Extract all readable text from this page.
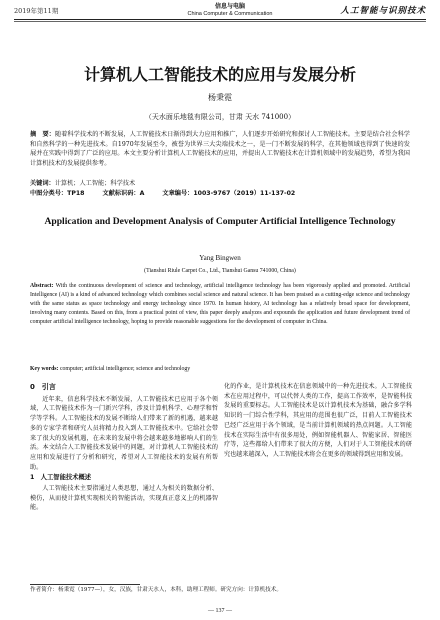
2019年第11期
信息与电脑
China Computer & Communication	人工智能与识别技术
计算机人工智能技术的应用与发展分析
杨秉霓
（天水面乐地毯有限公司，甘肃 天水 741000）
摘　要：随着科学技术的不断发展，人工智能技术日渐得到大力应用和推广，人们逐步开始研究和探讨人工智能技术。主要是结合社会科学和自然科学的一种先进技术。自1970年发展至今，被誉为世界三大尖端技术之一，是一门不断发展的科学，在其他领域也得到了快速的发展并在实践中得到了广泛的应用。本文主要分析计算机人工智能技术的应用，并提出人工智能技术在计算机领域中的发展趋势，希望为我国计算机技术的发展提供参考。
关键词：计算机；人工智能；科学技术
中图分类号：TP18	文献标识码：A	文章编号：1003-9767（2019）11-137-02
Application and Development Analysis of Computer Artificial Intelligence Technology
Yang Bingwen
(Tianshui Riule Carpet Co., Ltd., Tianshui Gansu 741000, China)
Abstract: With the continuous development of science and technology, artificial intelligence technology has been vigorously applied and promoted. Artificial Intelligence (AI) is a kind of advanced technology which combines social science and natural science. It has been praised as a cutting-edge science and technology with the same status as space technology and energy technology since 1970. In human history, AI technology has a relatively broad space for development, involving many contents. Based on this, from a practical point of view, this paper deeply analyzes and expounds the application and future development trend of computer artificial intelligence technology, hoping to provide reasonable suggestions for the development of computer in China.
Key words: computer; artificial intelligence; science and technology
0　引言

近年来，信息科学技术不断发展，人工智能技术已应用于各个领域，人工智能技术作为一门新兴学科，涉及计算机科学、心理学和哲学等学科。人工智能技术的发展不断给人们带来了新的机遇，越来越多的专家学者和研究人员将精力投入到人工智能技术中。它给社会带来了很大的发展机遇，在未来的发展中将会越来越多地影响人们的生活。本文结合人工智能技术发展中的问题，对计算机人工智能技术的应用和发展进行了分析和研究，希望对人工智能技术的发展有所帮助。

1　人工智能技术概述

人工智能技术主要指通过人类思想，通过人为相关的数据分析、模仿，从而使计算机实现相关的智能活动，实现真正意义上的机器智能。

化的作业，是计算机技术在信息领域中的一种先进技术。人工智能技术在应用过程中，可以代替人类的工作，提高工作效率，是智能科技发展的重要标志。人工智能技术是以计算机技术为基础，融合多学科知识的一门综合性学科，其应用的范围也很广泛，目前人工智能技术已经广泛应用于各个领域，是当前计算机领域的热点问题。人工智能技术在实际生活中有很多用处，例如智能机器人、智能家居、智能医疗等，这些都给人们带来了很大的方便，人们对于人工智能技术的研究也越来越深入，人工智能技术将会在更多的领域得到应用和发展。

作者简介：杨秉霓（1977—），女，汉族，甘肃天水人，本科，助理工程师。研究方向：计算机技术。
— 137 —
